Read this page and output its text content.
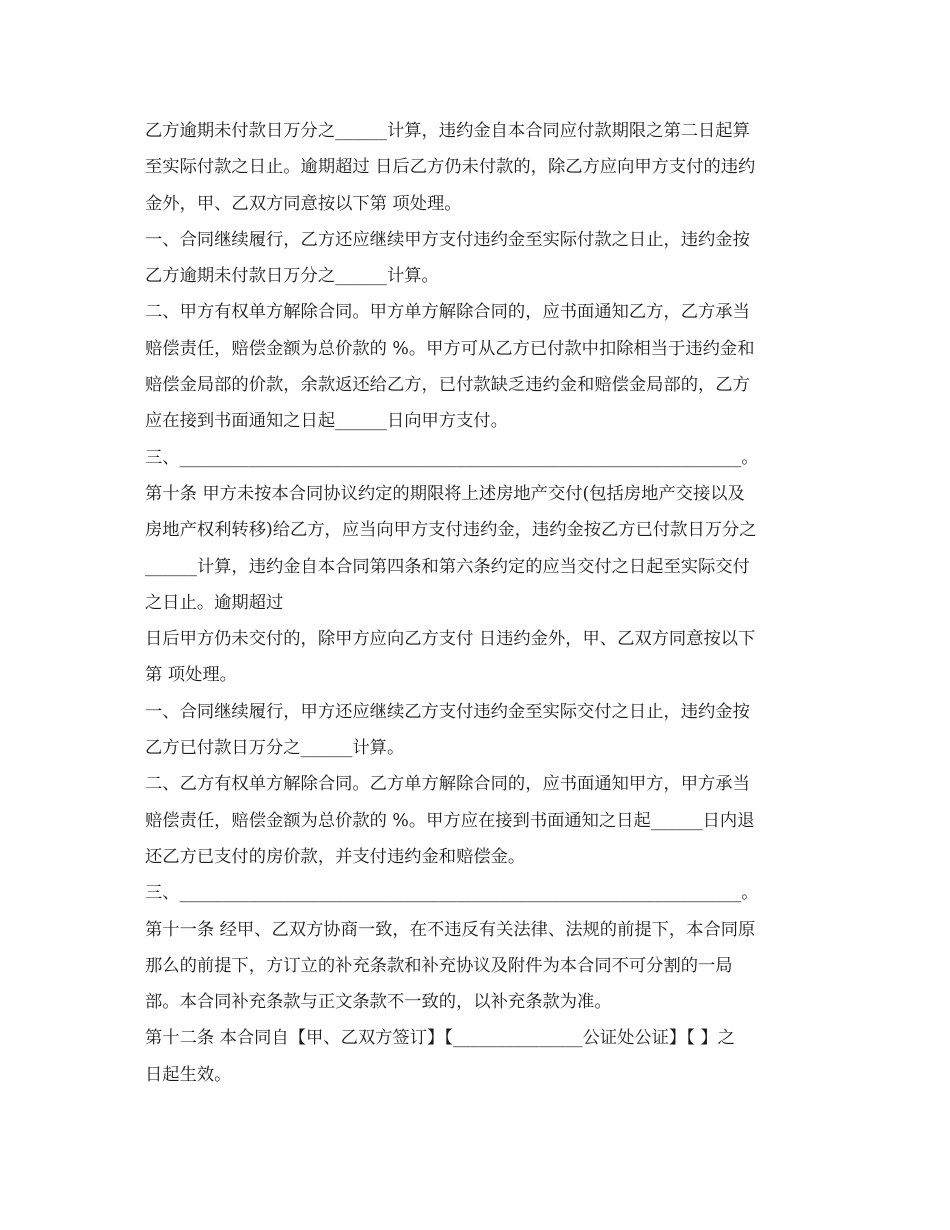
乙方逾期未付款日万分之______计算，违约金自本合同应付款期限之第二日起算
至实际付款之日止。逾期超过 日后乙方仍未付款的，除乙方应向甲方支付的违约
金外，甲、乙双方同意按以下第 项处理。
一、合同继续履行，乙方还应继续甲方支付违约金至实际付款之日止，违约金按
乙方逾期未付款日万分之______计算。
二、甲方有权单方解除合同。甲方单方解除合同的，应书面通知乙方，乙方承当
赔偿责任，赔偿金额为总价款的 %。甲方可从乙方已付款中扣除相当于违约金和
赔偿金局部的价款，余款返还给乙方，已付款缺乏违约金和赔偿金局部的，乙方
应在接到书面通知之日起______日向甲方支付。
三、_________________________________________________________________。
第十条 甲方未按本合同协议约定的期限将上述房地产交付(包括房地产交接以及
房地产权利转移)给乙方，应当向甲方支付违约金，违约金按乙方已付款日万分之
______计算，违约金自本合同第四条和第六条约定的应当交付之日起至实际交付
之日止。逾期超过
日后甲方仍未交付的，除甲方应向乙方支付 日违约金外，甲、乙双方同意按以下
第 项处理。
一、合同继续履行，甲方还应继续乙方支付违约金至实际交付之日止，违约金按
乙方已付款日万分之______计算。
二、乙方有权单方解除合同。乙方单方解除合同的，应书面通知甲方，甲方承当
赔偿责任，赔偿金额为总价款的 %。甲方应在接到书面通知之日起______日内退
还乙方已支付的房价款，并支付违约金和赔偿金。
三、_________________________________________________________________。
第十一条 经甲、乙双方协商一致，在不违反有关法律、法规的前提下，本合同原
那么的前提下，方订立的补充条款和补充协议及附件为本合同不可分割的一局
部。本合同补充条款与正文条款不一致的，以补充条款为准。
第十二条 本合同自【甲、乙双方签订】【_______________公证处公证】【 】之
日起生效。
